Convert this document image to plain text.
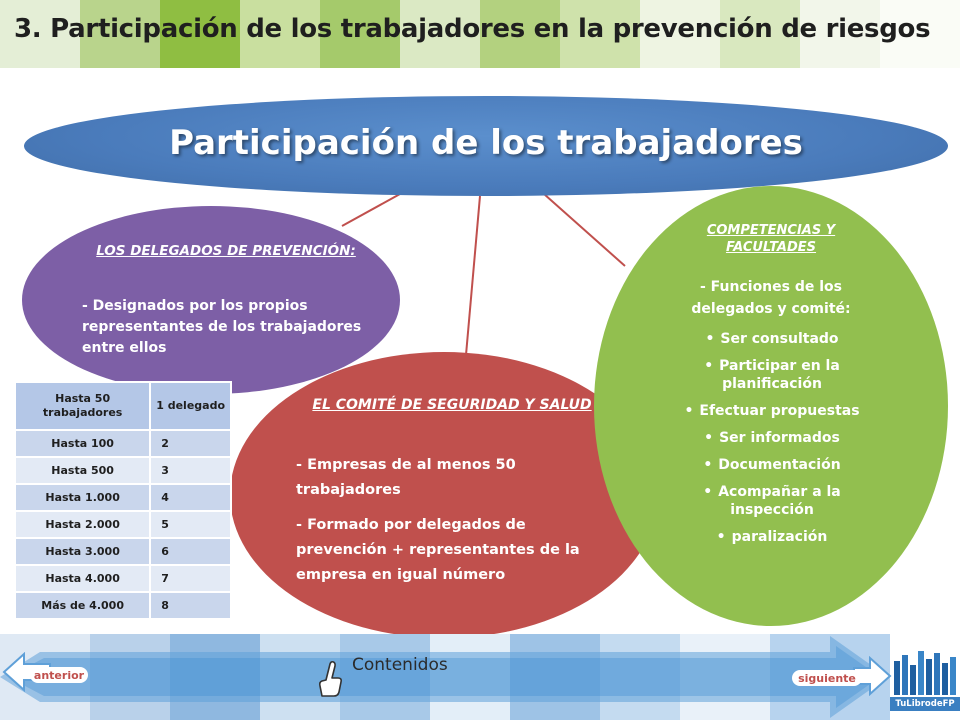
3. Participación de los trabajadores en la prevención de riesgos
Participación de los trabajadores
LOS DELEGADOS DE PREVENCIÓN:
- Designados por los propios representantes de los trabajadores entre ellos
EL COMITÉ DE SEGURIDAD Y SALUD
- Empresas de al menos 50 trabajadores
- Formado por delegados de prevención + representantes de la empresa en igual número
COMPETENCIAS Y FACULTADES
- Funciones de los delegados y comité:
• Ser consultado
• Participar en la planificación
• Efectuar propuestas
• Ser informados
• Documentación
• Acompañar a la inspección
• paralización
Hasta 50 trabajadores	1 delegado
Hasta 100	2
Hasta 500	3
Hasta 1.000	4
Hasta 2.000	5
Hasta 3.000	6
Hasta 4.000	7
Más de 4.000	8
anterior	siguiente
Contenidos
TuLibrodeFP
